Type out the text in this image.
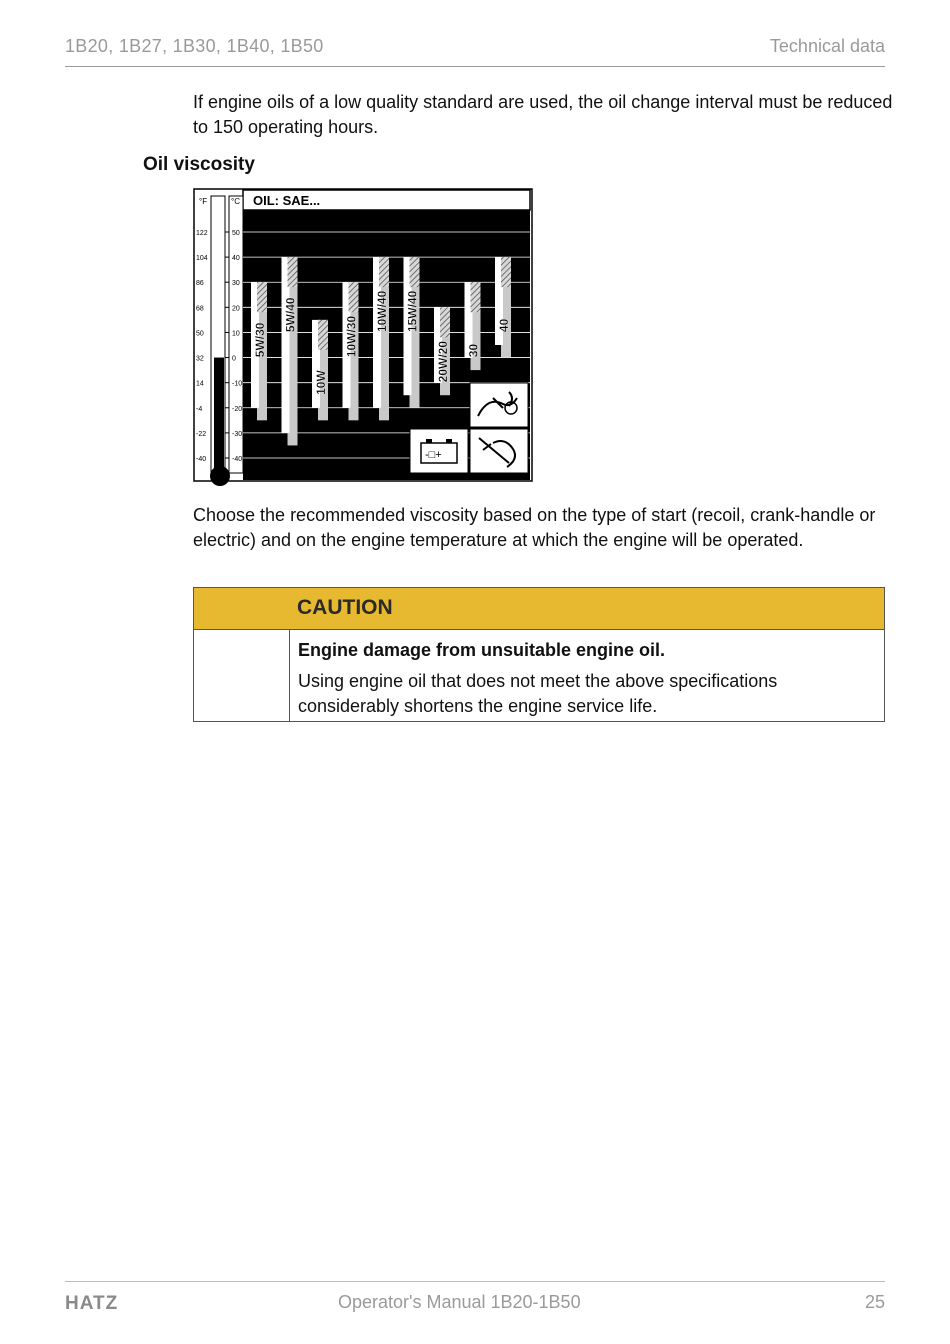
1B20, 1B27, 1B30, 1B40, 1B50	Technical data
If engine oils of a low quality standard are used, the oil change interval must be reduced to 150 operating hours.
Oil viscosity
OIL: SAE...
°F	°C
122	50
104	40
86	30
68	20
50	10
32	0
14	-10
-4	-20
-22	-30
-40	-40
5W/30
5W/40
10W
10W/30
10W/40 15W/40
20W/20 30
40
-□+
Choose the recommended viscosity based on the type of start (recoil, crank-handle or electric) and on the engine temperature at which the engine will be operated.
CAUTION
Engine damage from unsuitable engine oil.
Using engine oil that does not meet the above specifications considerably shortens the engine service life.
HATZ	Operator's Manual 1B20-1B50	25
